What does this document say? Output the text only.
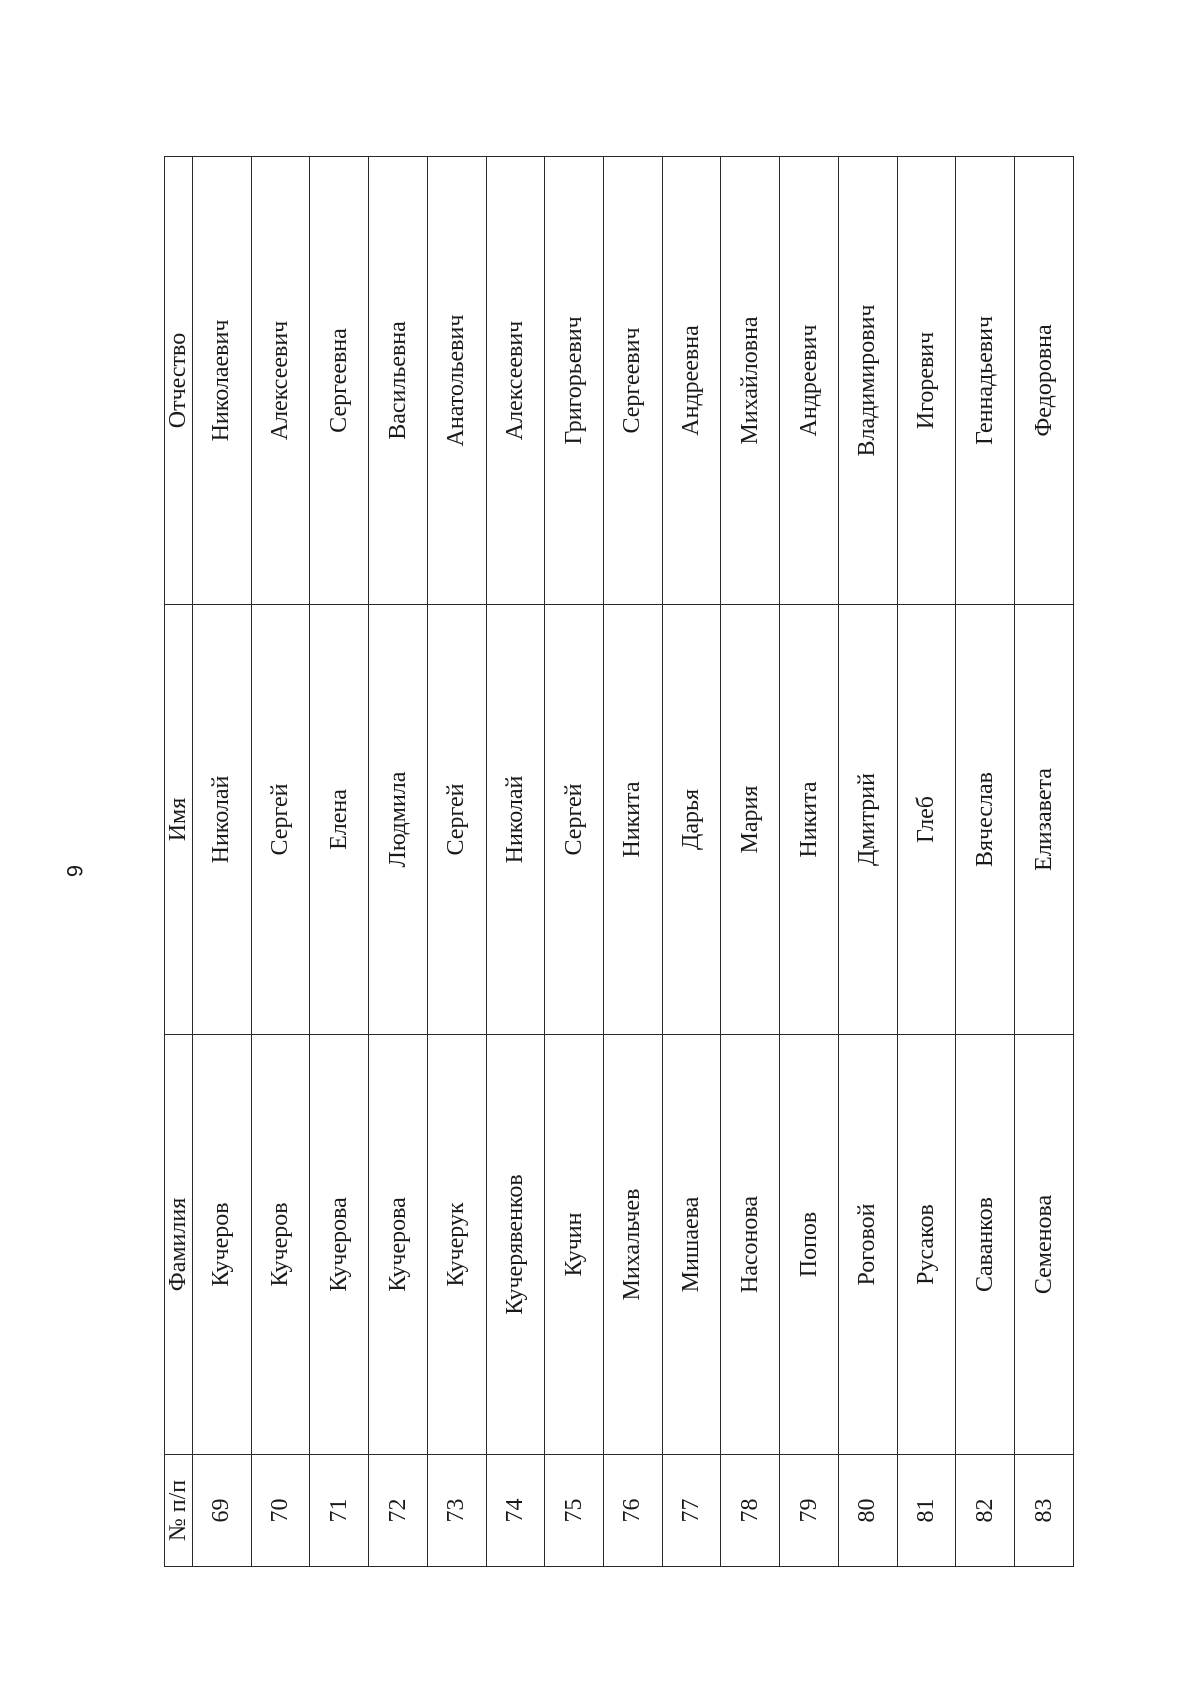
6
№ п/п	Фамилия	Имя	Отчество
69	Кучеров	Николай	Николаевич
70	Кучеров	Сергей	Алексеевич
71	Кучерова	Елена	Сергеевна
72	Кучерова	Людмила	Васильевна
73	Кучерук	Сергей	Анатольевич
74	Кучерявенков	Николай	Алексеевич
75	Кучин	Сергей	Григорьевич
76	Михальчев	Никита	Сергеевич
77	Мишаева	Дарья	Андреевна
78	Насонова	Мария	Михайловна
79	Попов	Никита	Андреевич
80	Роговой	Дмитрий	Владимирович
81	Русаков	Глеб	Игоревич
82	Саванков	Вячеслав	Геннадьевич
83	Семенова	Елизавета	Федоровна
